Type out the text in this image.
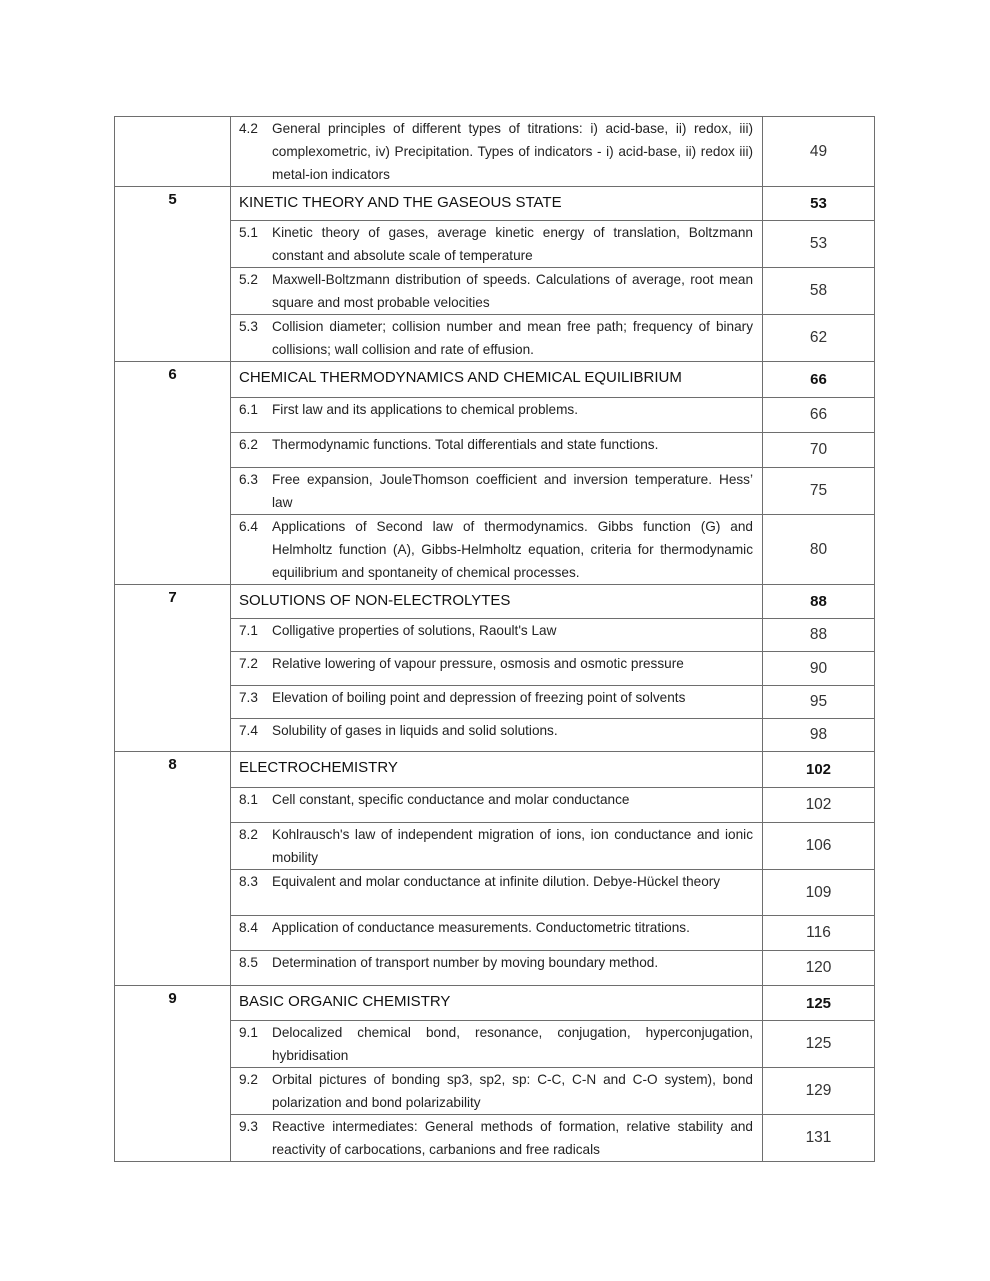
	4.2 General principles of different types of titrations: i) acid-base, ii) redox, iii) complexometric, iv) Precipitation. Types of indicators - i) acid-base, ii) redox iii) metal-ion indicators	49
5	KINETIC THEORY AND THE GASEOUS STATE	53

	5.1 Kinetic theory of gases, average kinetic energy of translation, Boltzmann constant and absolute scale of temperature	53

	5.2 Maxwell-Boltzmann distribution of speeds. Calculations of average, root mean square and most probable velocities	58

	5.3 Collision diameter; collision number and mean free path; frequency of binary collisions; wall collision and rate of effusion.	62
6	CHEMICAL THERMODYNAMICS AND CHEMICAL EQUILIBRIUM	66

	6.1 First law and its applications to chemical problems.	66

	6.2 Thermodynamic functions. Total differentials and state functions.	70

	6.3 Free expansion, JouleThomson coefficient and inversion temperature. Hess’ law	75

	6.4 Applications of Second law of thermodynamics. Gibbs function (G) and Helmholtz function (A), Gibbs-Helmholtz equation, criteria for thermodynamic equilibrium and spontaneity of chemical processes.	80
7	SOLUTIONS OF NON-ELECTROLYTES	88

	7.1 Colligative properties of solutions, Raoult's Law	88

	7.2 Relative lowering of vapour pressure, osmosis and osmotic pressure	90

	7.3 Elevation of boiling point and depression of freezing point of solvents	95

	7.4 Solubility of gases in liquids and solid solutions.	98
8	ELECTROCHEMISTRY	102

	8.1 Cell constant, specific conductance and molar conductance	102

	8.2 Kohlrausch's law of independent migration of ions, ion conductance and ionic mobility	106

	8.3 Equivalent and molar conductance at infinite dilution. Debye-Hückel theory	109

	8.4 Application of conductance measurements. Conductometric titrations.	116

	8.5 Determination of transport number by moving boundary method.	120
9	BASIC ORGANIC CHEMISTRY	125

	9.1 Delocalized chemical bond, resonance, conjugation, hyperconjugation, hybridisation	125

	9.2 Orbital pictures of bonding sp3, sp2, sp: C-C, C-N and C-O system), bond polarization and bond polarizability	129

	9.3 Reactive intermediates: General methods of formation, relative stability and reactivity of carbocations, carbanions and free radicals	131
